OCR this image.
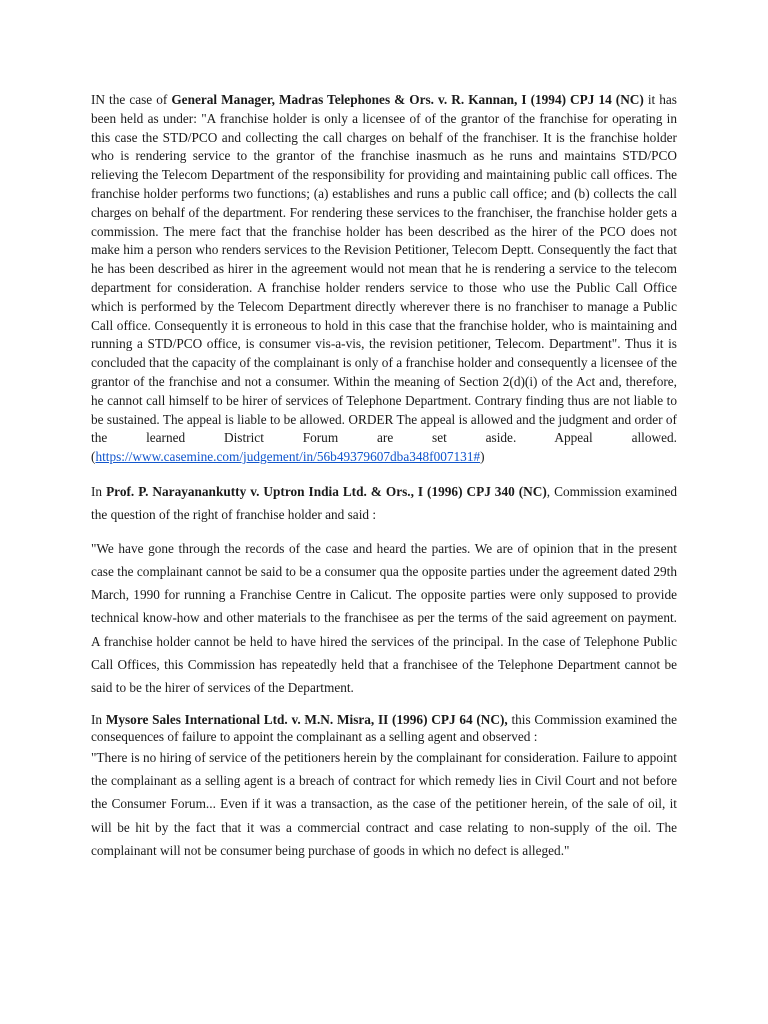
IN the case of General Manager, Madras Telephones & Ors. v. R. Kannan, I (1994) CPJ 14 (NC) it has been held as under: "A franchise holder is only a licensee of of the grantor of the franchise for operating in this case the STD/PCO and collecting the call charges on behalf of the franchiser. It is the franchise holder who is rendering service to the grantor of the franchise inasmuch as he runs and maintains STD/PCO relieving the Telecom Department of the responsibility for providing and maintaining public call offices. The franchise holder performs two functions; (a) establishes and runs a public call office; and (b) collects the call charges on behalf of the department. For rendering these services to the franchiser, the franchise holder gets a commission. The mere fact that the franchise holder has been described as the hirer of the PCO does not make him a person who renders services to the Revision Petitioner, Telecom Deptt. Consequently the fact that he has been described as hirer in the agreement would not mean that he is rendering a service to the telecom department for consideration. A franchise holder renders service to those who use the Public Call Office which is performed by the Telecom Department directly wherever there is no franchiser to manage a Public Call office. Consequently it is erroneous to hold in this case that the franchise holder, who is maintaining and running a STD/PCO office, is consumer vis-a-vis, the revision petitioner, Telecom. Department". Thus it is concluded that the capacity of the complainant is only of a franchise holder and consequently a licensee of the grantor of the franchise and not a consumer. Within the meaning of Section 2(d)(i) of the Act and, therefore, he cannot call himself to be hirer of services of Telephone Department. Contrary finding thus are not liable to be sustained. The appeal is liable to be allowed. ORDER The appeal is allowed and the judgment and order of the learned District Forum are set aside. Appeal allowed. (https://www.casemine.com/judgement/in/56b49379607dba348f007131#)

In Prof. P. Narayanankutty v. Uptron India Ltd. & Ors., I (1996) CPJ 340 (NC), Commission examined the question of the right of franchise holder and said :

"We have gone through the records of the case and heard the parties. We are of opinion that in the present case the complainant cannot be said to be a consumer qua the opposite parties under the agreement dated 29th March, 1990 for running a Franchise Centre in Calicut. The opposite parties were only supposed to provide technical know-how and other materials to the franchisee as per the terms of the said agreement on payment. A franchise holder cannot be held to have hired the services of the principal. In the case of Telephone Public Call Offices, this Commission has repeatedly held that a franchisee of the Telephone Department cannot be said to be the hirer of services of the Department.

In Mysore Sales International Ltd. v. M.N. Misra, II (1996) CPJ 64 (NC), this Commission examined the consequences of failure to appoint the complainant as a selling agent and observed :

"There is no hiring of service of the petitioners herein by the complainant for consideration. Failure to appoint the complainant as a selling agent is a breach of contract for which remedy lies in Civil Court and not before the Consumer Forum... Even if it was a transaction, as the case of the petitioner herein, of the sale of oil, it will be hit by the fact that it was a commercial contract and case relating to non-supply of the oil. The complainant will not be consumer being purchase of goods in which no defect is alleged."
